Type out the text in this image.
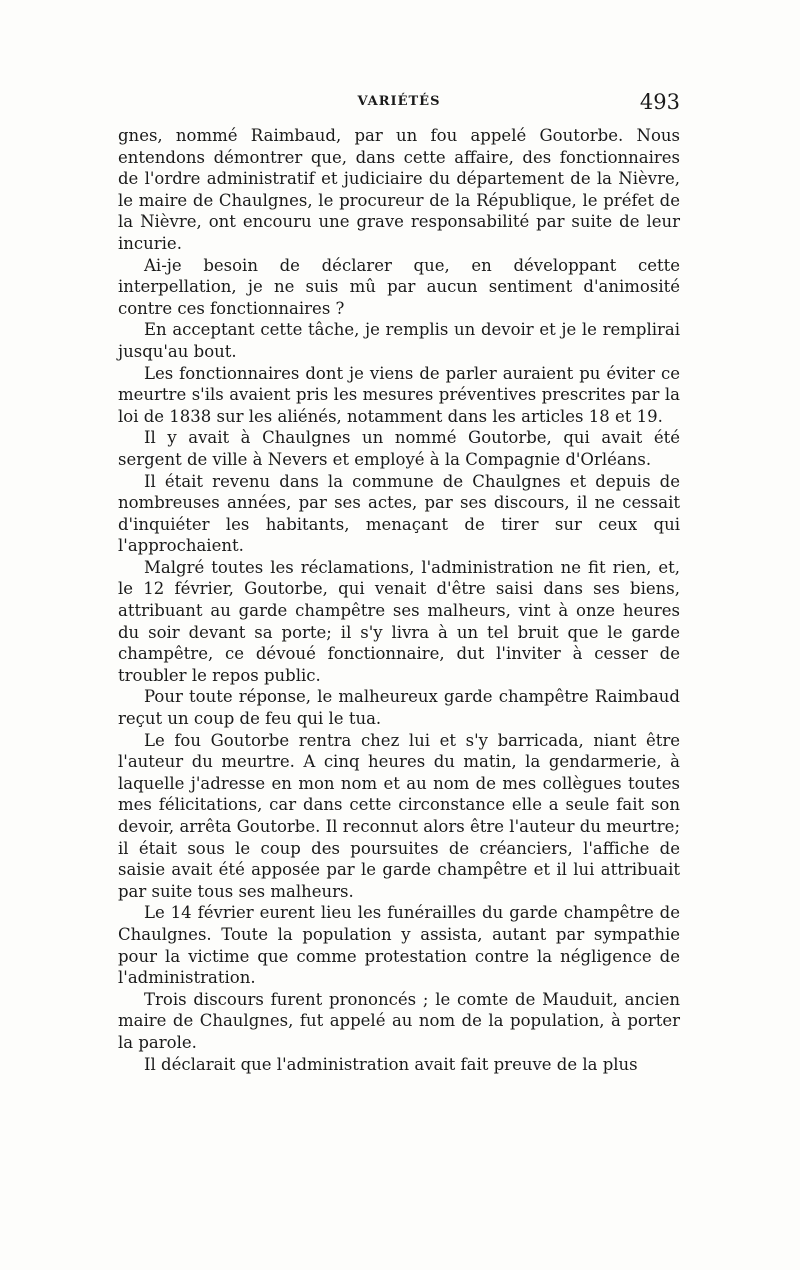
VARIÉTÉS	493

gnes, nommé Raimbaud, par un fou appelé Goutorbe. Nous entendons démontrer que, dans cette affaire, des fonctionnaires de l'ordre administratif et judiciaire du département de la Nièvre, le maire de Chaulgnes, le procureur de la République, le préfet de la Nièvre, ont encouru une grave responsabilité par suite de leur incurie.

Ai-je besoin de déclarer que, en développant cette interpellation, je ne suis mû par aucun sentiment d'animosité contre ces fonctionnaires ?

En acceptant cette tâche, je remplis un devoir et je le remplirai jusqu'au bout.

Les fonctionnaires dont je viens de parler auraient pu éviter ce meurtre s'ils avaient pris les mesures préventives prescrites par la loi de 1838 sur les aliénés, notamment dans les articles 18 et 19.

Il y avait à Chaulgnes un nommé Goutorbe, qui avait été sergent de ville à Nevers et employé à la Compagnie d'Orléans.

Il était revenu dans la commune de Chaulgnes et depuis de nombreuses années, par ses actes, par ses discours, il ne cessait d'inquiéter les habitants, menaçant de tirer sur ceux qui l'approchaient.

Malgré toutes les réclamations, l'administration ne fit rien, et, le 12 février, Goutorbe, qui venait d'être saisi dans ses biens, attribuant au garde champêtre ses malheurs, vint à onze heures du soir devant sa porte; il s'y livra à un tel bruit que le garde champêtre, ce dévoué fonctionnaire, dut l'inviter à cesser de troubler le repos public.

Pour toute réponse, le malheureux garde champêtre Raimbaud reçut un coup de feu qui le tua.

Le fou Goutorbe rentra chez lui et s'y barricada, niant être l'auteur du meurtre. A cinq heures du matin, la gendarmerie, à laquelle j'adresse en mon nom et au nom de mes collègues toutes mes félicitations, car dans cette circonstance elle a seule fait son devoir, arrêta Goutorbe. Il reconnut alors être l'auteur du meurtre; il était sous le coup des poursuites de créanciers, l'affiche de saisie avait été apposée par le garde champêtre et il lui attribuait par suite tous ses malheurs.

Le 14 février eurent lieu les funérailles du garde champêtre de Chaulgnes. Toute la population y assista, autant par sympathie pour la victime que comme protestation contre la négligence de l'administration.

Trois discours furent prononcés ; le comte de Mauduit, ancien maire de Chaulgnes, fut appelé au nom de la population, à porter la parole.

Il déclarait que l'administration avait fait preuve de la plus
